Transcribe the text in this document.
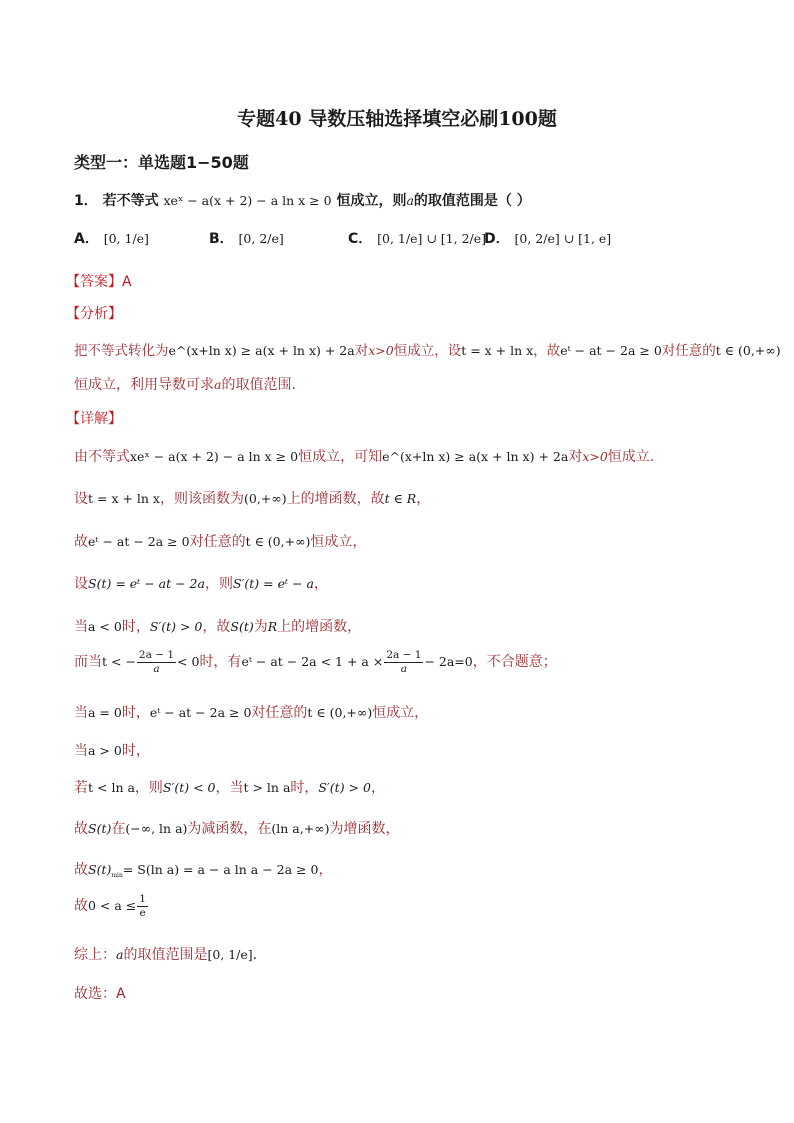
专题40 导数压轴选择填空必刷100题
类型一：单选题1−50题
1． 若不等式 xeˣ − a(x + 2) − a ln x ≥ 0 恒成立，则a的取值范围是（ ）
A． [0, 1/e]	B． [0, 2/e]	C． [0, 1/e] ∪ [1, 2/e]
D． [0, 2/e] ∪ [1, e]
【答案】A
【分析】
把不等式转化为e^(x+ln x) ≥ a(x + ln x) + 2a对x>0恒成立，设t = x + ln x，故eᵗ − at − 2a ≥ 0对任意的t ∈ (0,+∞)
恒成立，利用导数可求a的取值范围.
【详解】
由不等式xeˣ − a(x + 2) − a ln x ≥ 0恒成立，可知e^(x+ln x) ≥ a(x + ln x) + 2a对x>0恒成立.
设t = x + ln x，则该函数为(0,+∞)上的增函数，故t ∈ R，
故eᵗ − at − 2a ≥ 0对任意的t ∈ (0,+∞)恒成立，
设S(t) = eᵗ − at − 2a，则S′(t) = eᵗ − a，
当a < 0时，S′(t) > 0，故S(t)为R上的增函数，
而当t < − $\frac{2a - 1}{a} < 0$时，有eᵗ − at − $2a < 1 + a \times \frac{2a - 1}{a} - 2a=0$，不合题意；
当a = 0时，eᵗ − at − 2a ≥ 0对任意的t ∈ (0,+∞)恒成立，
当a > 0时，
若t < ln a，则S′(t) < 0，当t > ln a时，S′(t) > 0，
故S(t)在(−∞, ln a)为减函数，在(ln a,+∞)为增函数，
故$S(t)_{min}= S(\ln$ a) = a − a ln a − 2a ≥ 0，
故$0 < a \le \frac{1}{e}$
综上：a的取值范围是[0, 1/e].
故选：A
